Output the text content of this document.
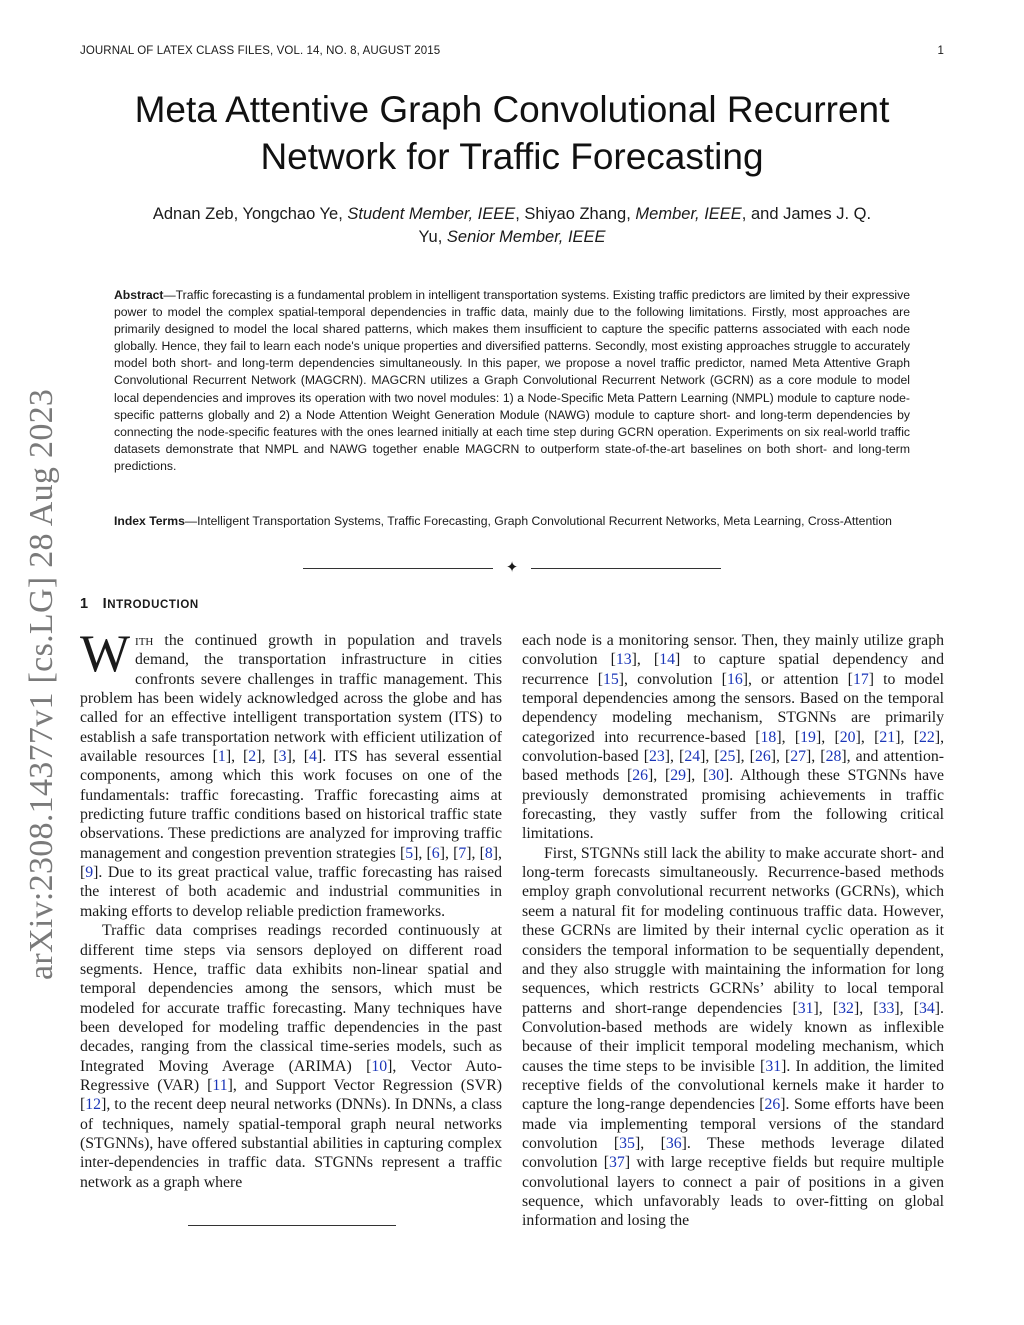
JOURNAL OF LATEX CLASS FILES, VOL. 14, NO. 8, AUGUST 2015	1
arXiv:2308.14377v1 [cs.LG] 28 Aug 2023
Meta Attentive Graph Convolutional Recurrent
Network for Traffic Forecasting
Adnan Zeb, Yongchao Ye, Student Member, IEEE, Shiyao Zhang, Member, IEEE, and James J. Q.
Yu, Senior Member, IEEE
Abstract—Traffic forecasting is a fundamental problem in intelligent transportation systems. Existing traffic predictors are limited by their expressive power to model the complex spatial-temporal dependencies in traffic data, mainly due to the following limitations. Firstly, most approaches are primarily designed to model the local shared patterns, which makes them insufficient to capture the specific patterns associated with each node globally. Hence, they fail to learn each node's unique properties and diversified patterns. Secondly, most existing approaches struggle to accurately model both short- and long-term dependencies simultaneously. In this paper, we propose a novel traffic predictor, named Meta Attentive Graph Convolutional Recurrent Network (MAGCRN). MAGCRN utilizes a Graph Convolutional Recurrent Network (GCRN) as a core module to model local dependencies and improves its operation with two novel modules: 1) a Node-Specific Meta Pattern Learning (NMPL) module to capture node-specific patterns globally and 2) a Node Attention Weight Generation Module (NAWG) module to capture short- and long-term dependencies by connecting the node-specific features with the ones learned initially at each time step during GCRN operation. Experiments on six real-world traffic datasets demonstrate that NMPL and NAWG together enable MAGCRN to outperform state-of-the-art baselines on both short- and long-term predictions.
Index Terms—Intelligent Transportation Systems, Traffic Forecasting, Graph Convolutional Recurrent Networks, Meta Learning, Cross-Attention
✦
1 INTRODUCTION

With the continued growth in population and travels demand, the transportation infrastructure in cities confronts severe challenges in traffic management. This problem has been widely acknowledged across the globe and has called for an effective intelligent transportation system (ITS) to establish a safe transportation network with efficient utilization of available resources [1], [2], [3], [4]. ITS has several essential components, among which this work focuses on one of the fundamentals: traffic forecasting. Traffic forecasting aims at predicting future traffic conditions based on historical traffic state observations. These predictions are analyzed for improving traffic management and congestion prevention strategies [5], [6], [7], [8], [9]. Due to its great practical value, traffic forecasting has raised the interest of both academic and industrial communities in making efforts to develop reliable prediction frameworks.

Traffic data comprises readings recorded continuously at different time steps via sensors deployed on different road segments. Hence, traffic data exhibits non-linear spatial and temporal dependencies among the sensors, which must be modeled for accurate traffic forecasting. Many techniques have been developed for modeling traffic dependencies in the past decades, ranging from the classical time-series models, such as Integrated Moving Average (ARIMA) [10], Vector Auto-Regressive (VAR) [11], and Support Vector Regression (SVR) [12], to the recent deep neural networks (DNNs). In DNNs, a class of techniques, namely spatial-temporal graph neural networks (STGNNs), have offered substantial abilities in capturing complex inter-dependencies in traffic data. STGNNs represent a traffic network as a graph where

each node is a monitoring sensor. Then, they mainly utilize graph convolution [13], [14] to capture spatial dependency and recurrence [15], convolution [16], or attention [17] to model temporal dependencies among the sensors. Based on the temporal dependency modeling mechanism, STGNNs are primarily categorized into recurrence-based [18], [19], [20], [21], [22], convolution-based [23], [24], [25], [26], [27], [28], and attention-based methods [26], [29], [30]. Although these STGNNs have previously demonstrated promising achievements in traffic forecasting, they vastly suffer from the following critical limitations.

First, STGNNs still lack the ability to make accurate short- and long-term forecasts simultaneously. Recurrence-based methods employ graph convolutional recurrent networks (GCRNs), which seem a natural fit for modeling continuous traffic data. However, these GCRNs are limited by their internal cyclic operation as it considers the temporal information to be sequentially dependent, and they also struggle with maintaining the information for long sequences, which restricts GCRNs’ ability to local temporal patterns and short-range dependencies [31], [32], [33], [34]. Convolution-based methods are widely known as inflexible because of their implicit temporal modeling mechanism, which causes the time steps to be invisible [31]. In addition, the limited receptive fields of the convolutional kernels make it harder to capture the long-range dependencies [26]. Some efforts have been made via implementing temporal versions of the standard convolution [35], [36]. These methods leverage dilated convolution [37] with large receptive fields but require multiple convolutional layers to connect a pair of positions in a given sequence, which unfavorably leads to over-fitting on global information and losing the
